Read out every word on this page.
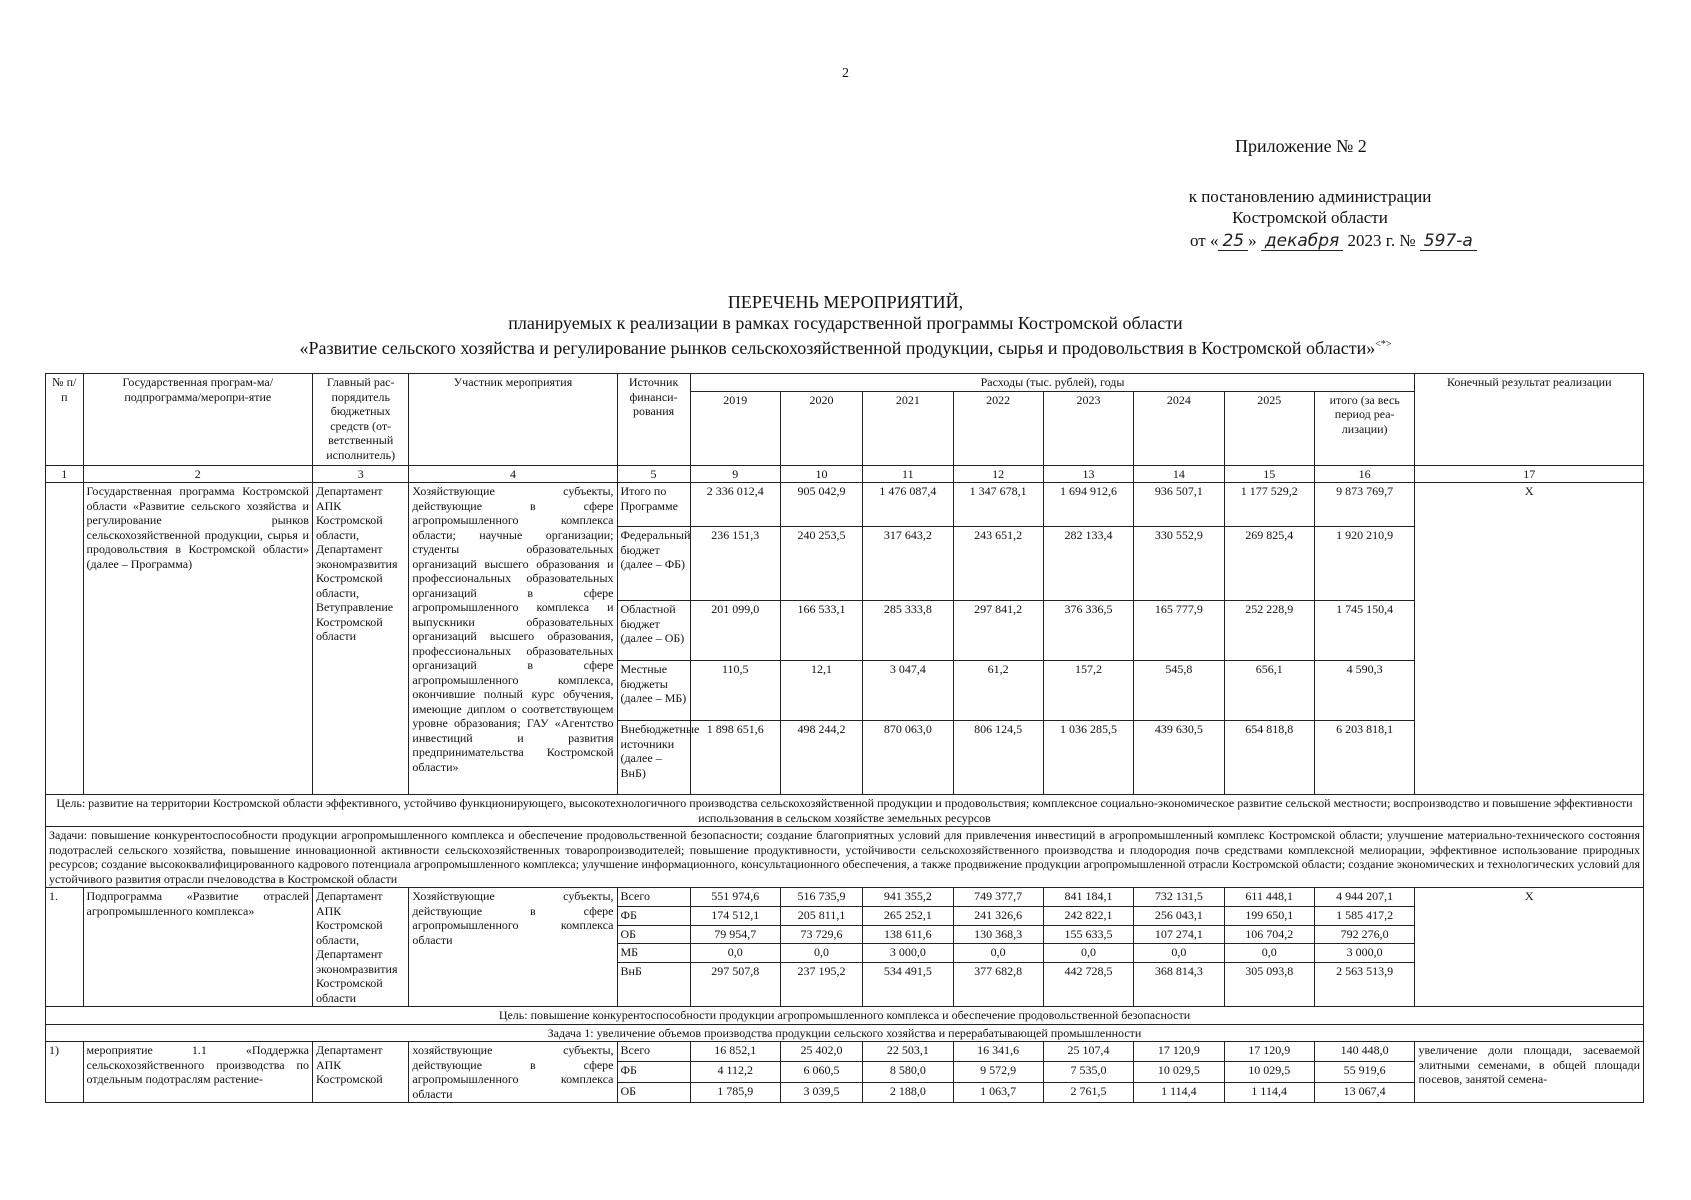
2
Приложение № 2
к постановлению администрации
Костромской области
от « 25 » декабря 2023 г. № 597-а
ПЕРЕЧЕНЬ МЕРОПРИЯТИЙ,
планируемых к реализации в рамках государственной программы Костромской области
«Развитие сельского хозяйства и регулирование рынков сельскохозяйственной продукции, сырья и продовольствия в Костромской области»<*>
№ п/п	Государственная програм-ма/подпрограмма/меропри-ятие	Главный рас-порядитель бюджетных средств (от-ветственный исполнитель)	Участник мероприятия	Источник финанси-рования	Расходы (тыс. рублей), годы								Конечный результат реализации
					2019	2020	2021	2022	2023	2024	2025	итого (за весь период реа-лизации)	
1	2	3	4	5	9	10	11	12	13	14	15	16	17
	Государственная программа Костромской области «Развитие сельского хозяйства и регулирование рынков сельскохозяйственной продукции, сырья и продовольствия в Костромской области» (далее – Программа)	Департамент АПК Костромской области, Департамент экономразвития Костромской области, Ветуправление Костромской области	Хозяйствующие субъекты, действующие в сфере агропромышленного комплекса области; научные организации; студенты образовательных организаций высшего образования и профессиональных образовательных организаций в сфере агропромышленного комплекса и выпускники образовательных организаций высшего образования, профессиональных образовательных организаций в сфере агропромышленного комплекса, окончившие полный курс обучения, имеющие диплом о соответствующем уровне образования; ГАУ «Агентство инвестиций и развития предпринимательства Костромской области»	Итого по Программе	2 336 012,4	905 042,9	1 476 087,4	1 347 678,1	1 694 912,6	936 507,1	1 177 529,2	9 873 769,7	Х
				Федеральный бюджет (далее – ФБ)	236 151,3	240 253,5	317 643,2	243 651,2	282 133,4	330 552,9	269 825,4	1 920 210,9	
				Областной бюджет (далее – ОБ)	201 099,0	166 533,1	285 333,8	297 841,2	376 336,5	165 777,9	252 228,9	1 745 150,4	
				Местные бюджеты (далее – МБ)	110,5	12,1	3 047,4	61,2	157,2	545,8	656,1	4 590,3	
				Внебюджетные источники (далее – ВнБ)	1 898 651,6	498 244,2	870 063,0	806 124,5	1 036 285,5	439 630,5	654 818,8	6 203 818,1	
Цель: развитие на территории Костромской области эффективного, устойчиво функционирующего, высокотехнологичного производства сельскохозяйственной продукции и продовольствия; комплексное социально-экономическое развитие сельской местности; воспроизводство и повышение эффективности использования в сельском хозяйстве земельных ресурсов													
Задачи: повышение конкурентоспособности продукции агропромышленного комплекса и обеспечение продовольственной безопасности; создание благоприятных условий для привлечения инвестиций в агропромышленный комплекс Костромской области; улучшение материально-технического состояния подотраслей сельского хозяйства, повышение инновационной активности сельскохозяйственных товаропроизводителей; повышение продуктивности, устойчивости сельскохозяйственного производства и плодородия почв средствами комплексной мелиорации, эффективное использование природных ресурсов; создание высококвалифицированного кадрового потенциала агропромышленного комплекса; улучшение информационного, консультационного обеспечения, а также продвижение продукции агропромышленной отрасли Костромской области; создание экономических и технологических условий для устойчивого развития отрасли пчеловодства в Костромской области													
1.	Подпрограмма «Развитие отраслей агропромышленного комплекса»	Департамент АПК Костромской области, Департамент экономразвития Костромской области	Хозяйствующие субъекты, действующие в сфере агропромышленного комплекса области	Всего	551 974,6	516 735,9	941 355,2	749 377,7	841 184,1	732 131,5	611 448,1	4 944 207,1	Х
				ФБ	174 512,1	205 811,1	265 252,1	241 326,6	242 822,1	256 043,1	199 650,1	1 585 417,2	
				ОБ	79 954,7	73 729,6	138 611,6	130 368,3	155 633,5	107 274,1	106 704,2	792 276,0	
				МБ	0,0	0,0	3 000,0	0,0	0,0	0,0	0,0	3 000,0	
				ВнБ	297 507,8	237 195,2	534 491,5	377 682,8	442 728,5	368 814,3	305 093,8	2 563 513,9	
Цель: повышение конкурентоспособности продукции агропромышленного комплекса и обеспечение продовольственной безопасности													
Задача 1: увеличение объемов производства продукции сельского хозяйства и перерабатывающей промышленности													
1)	мероприятие 1.1 «Поддержка сельскохозяйственного производства по отдельным подотраслям растение-	Департамент АПК Костромской	хозяйствующие субъекты, действующие в сфере агропромышленного комплекса области	Всего	16 852,1	25 402,0	22 503,1	16 341,6	25 107,4	17 120,9	17 120,9	140 448,0	увеличение доли площади, засеваемой элитными семенами, в общей площади посевов, занятой семена-
				ФБ	4 112,2	6 060,5	8 580,0	9 572,9	7 535,0	10 029,5	10 029,5	55 919,6	
				ОБ	1 785,9	3 039,5	2 188,0	1 063,7	2 761,5	1 114,4	1 114,4	13 067,4	
